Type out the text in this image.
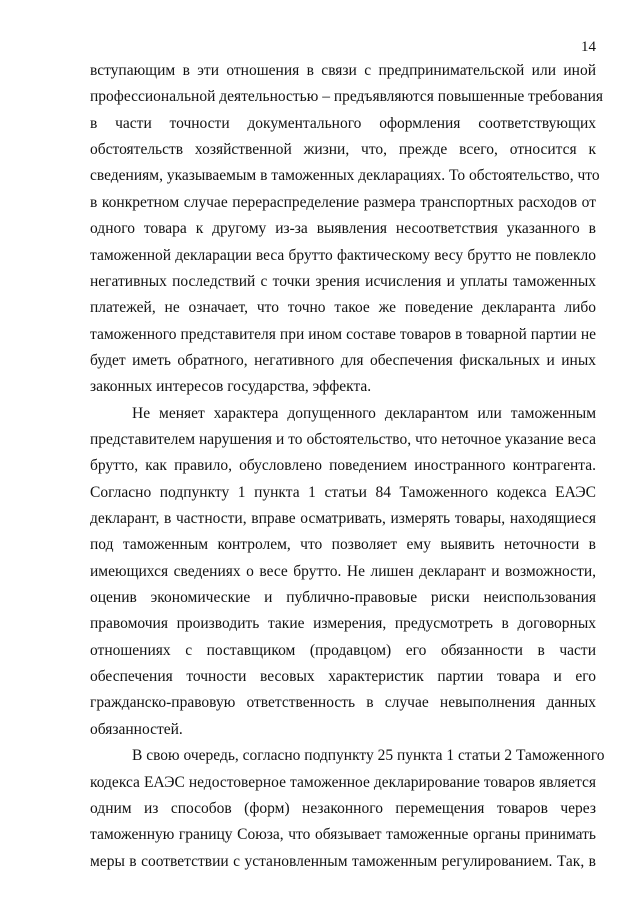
14
вступающим в эти отношения в связи с предпринимательской или иной
профессиональной деятельностью – предъявляются повышенные требования
в части точности документального оформления соответствующих
обстоятельств хозяйственной жизни, что, прежде всего, относится к
сведениям, указываемым в таможенных декларациях. То обстоятельство, что
в конкретном случае перераспределение размера транспортных расходов от
одного товара к другому из-за выявления несоответствия указанного в
таможенной декларации веса брутто фактическому весу брутто не повлекло
негативных последствий с точки зрения исчисления и уплаты таможенных
платежей, не означает, что точно такое же поведение декларанта либо
таможенного представителя при ином составе товаров в товарной партии не
будет иметь обратного, негативного для обеспечения фискальных и иных
законных интересов государства, эффекта.
Не меняет характера допущенного декларантом или таможенным
представителем нарушения и то обстоятельство, что неточное указание веса
брутто, как правило, обусловлено поведением иностранного контрагента.
Согласно подпункту 1 пункта 1 статьи 84 Таможенного кодекса ЕАЭС
декларант, в частности, вправе осматривать, измерять товары, находящиеся
под таможенным контролем, что позволяет ему выявить неточности в
имеющихся сведениях о весе брутто. Не лишен декларант и возможности,
оценив экономические и публично-правовые риски неиспользования
правомочия производить такие измерения, предусмотреть в договорных
отношениях с поставщиком (продавцом) его обязанности в части
обеспечения точности весовых характеристик партии товара и его
гражданско-правовую ответственность в случае невыполнения данных
обязанностей.
В свою очередь, согласно подпункту 25 пункта 1 статьи 2 Таможенного
кодекса ЕАЭС недостоверное таможенное декларирование товаров является
одним из способов (форм) незаконного перемещения товаров через
таможенную границу Союза, что обязывает таможенные органы принимать
меры в соответствии с установленным таможенным регулированием. Так, в
